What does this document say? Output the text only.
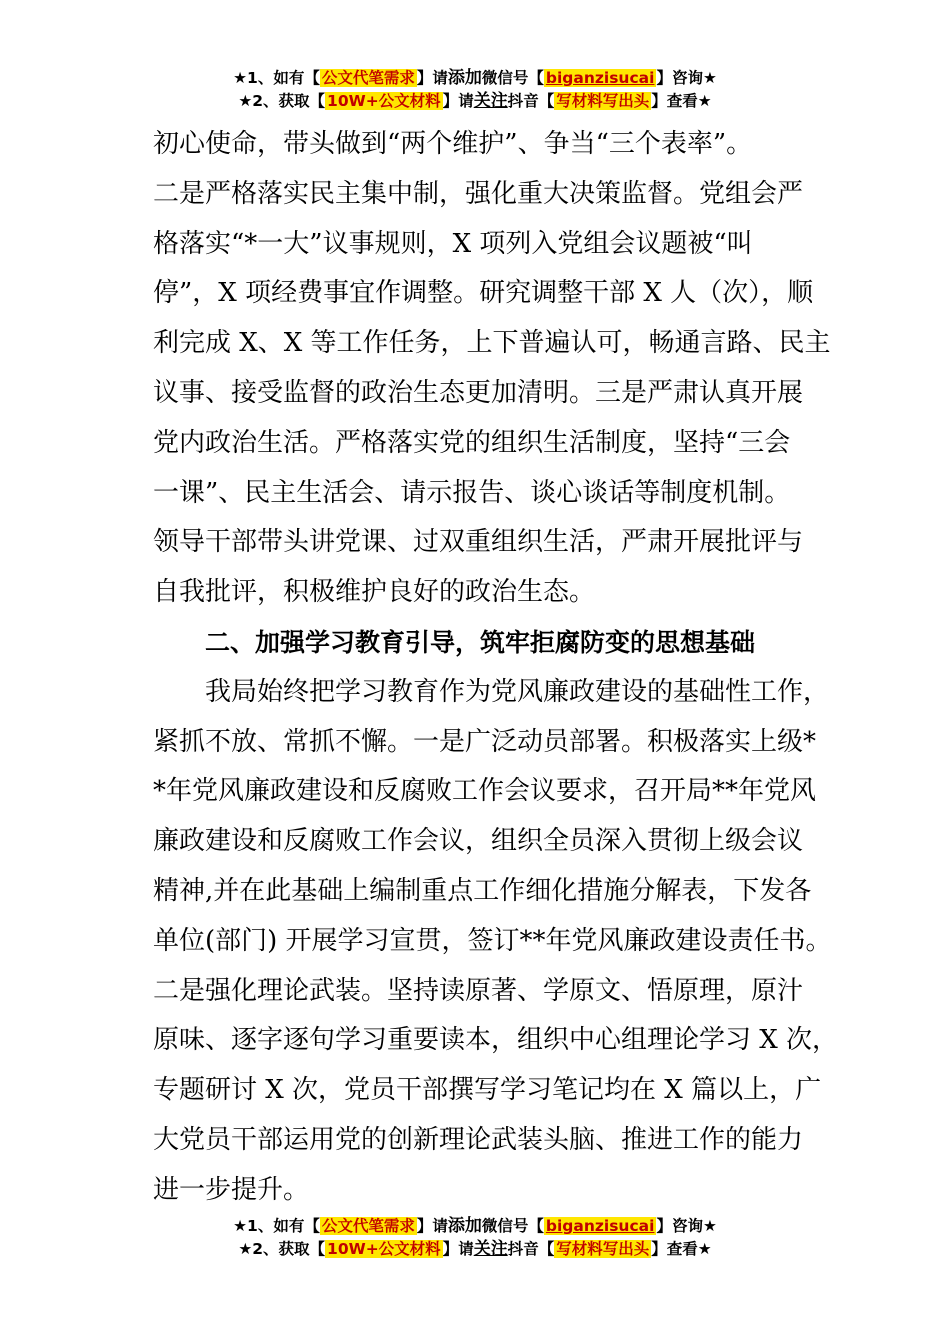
★1、如有【 公文代笔需求 】请添加微信号【 biganzisucai 】咨询★
★2、获取【 10W+公文材料 】请关注抖音【 写材料写出头 】查看★

初心使命，带头做到“两个维护”、争当“三个表率”。
二是严格落实民主集中制，强化重大决策监督。党组会严
格落实“*一大”议事规则，X 项列入党组会议题被“叫
停”，X 项经费事宜作调整。研究调整干部 X 人（次），顺
利完成 X、X 等工作任务，上下普遍认可，畅通言路、民主
议事、接受监督的政治生态更加清明。三是严肃认真开展
党内政治生活。严格落实党的组织生活制度，坚持“三会
一课”、民主生活会、请示报告、谈心谈话等制度机制。
领导干部带头讲党课、过双重组织生活，严肃开展批评与
自我批评，积极维护良好的政治生态。

二、加强学习教育引导，筑牢拒腐防变的思想基础

我局始终把学习教育作为党风廉政建设的基础性工作，
紧抓不放、常抓不懈。一是广泛动员部署。积极落实上级*
*年党风廉政建设和反腐败工作会议要求，召开局**年党风
廉政建设和反腐败工作会议，组织全员深入贯彻上级会议
精神,并在此基础上编制重点工作细化措施分解表，下发各
单位(部门) 开展学习宣贯，签订**年党风廉政建设责任书。
二是强化理论武装。坚持读原著、学原文、悟原理，原汁
原味、逐字逐句学习重要读本，组织中心组理论学习 X 次，
专题研讨 X 次，党员干部撰写学习笔记均在 X 篇以上，广
大党员干部运用党的创新理论武装头脑、推进工作的能力
进一步提升。

★1、如有【 公文代笔需求 】请添加微信号【 biganzisucai 】咨询★
★2、获取【 10W+公文材料 】请关注抖音【 写材料写出头 】查看★
